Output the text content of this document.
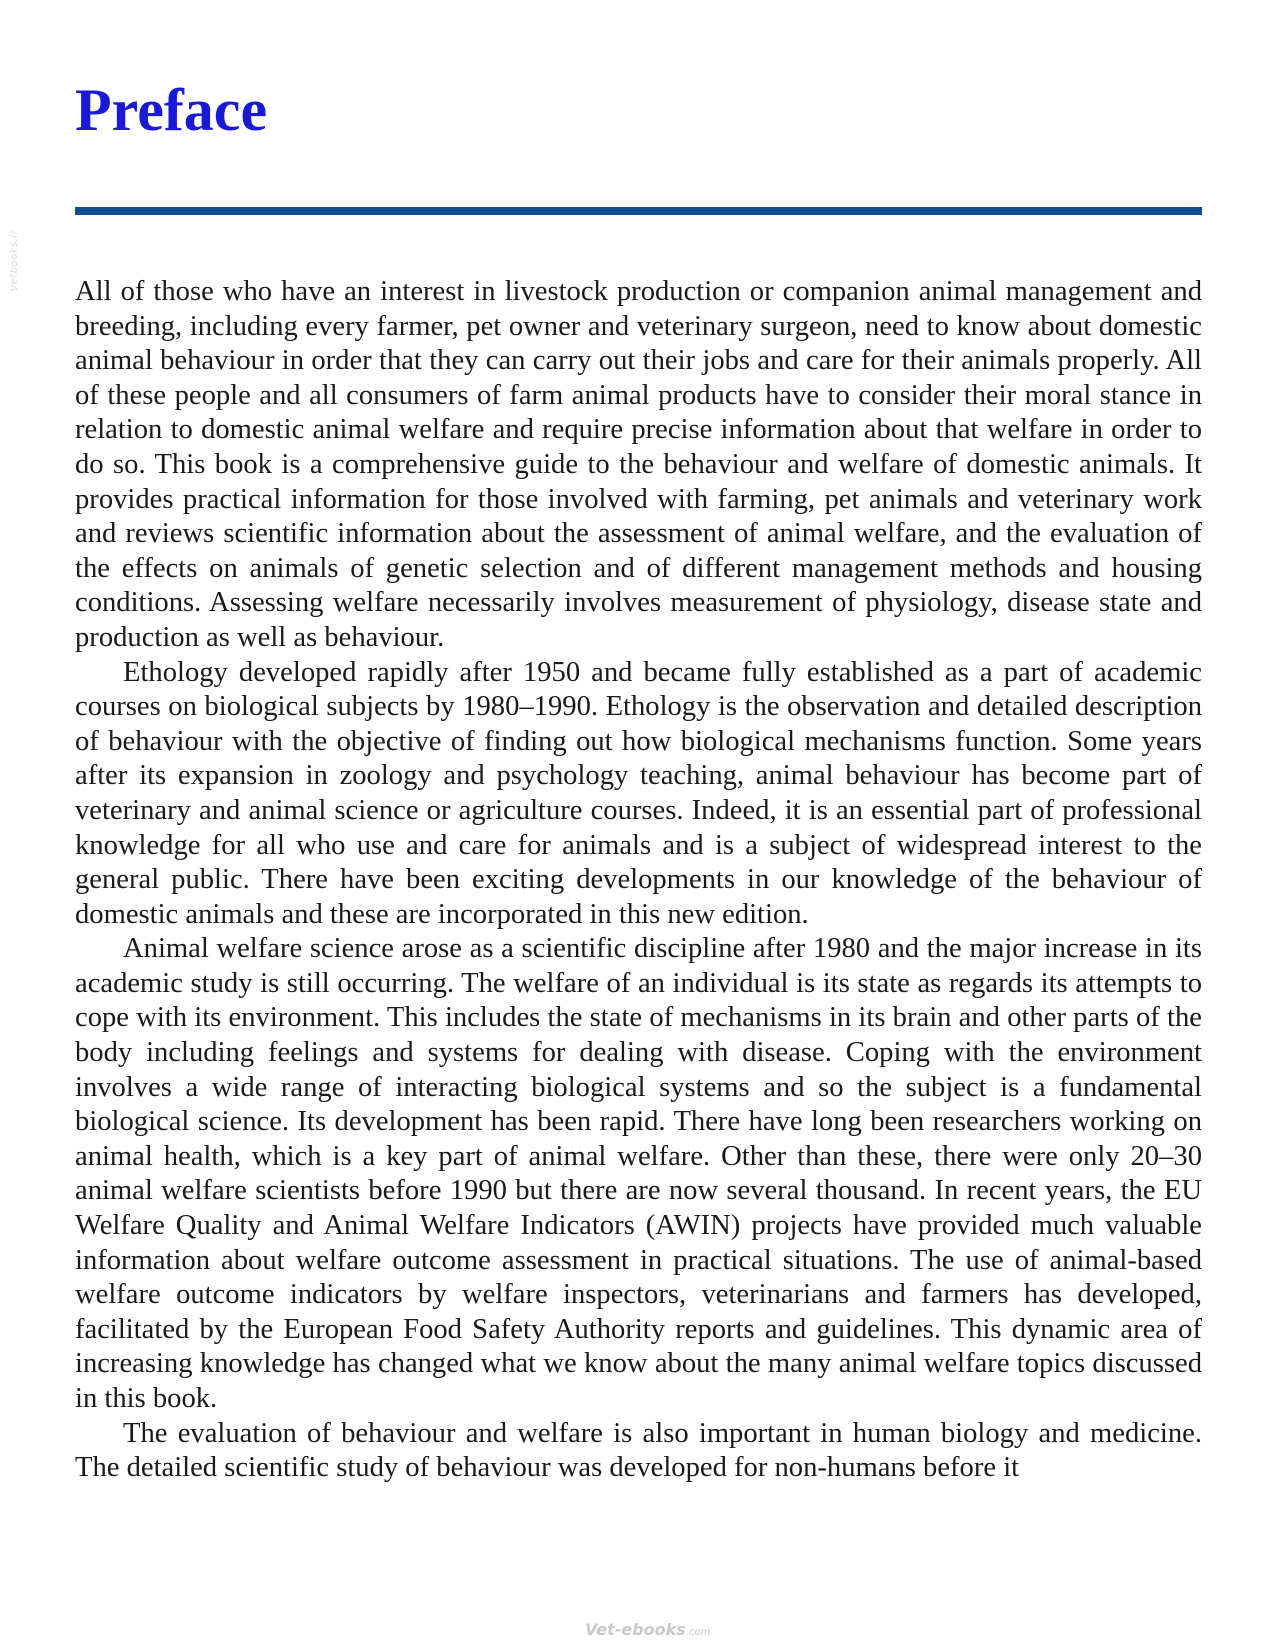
Vetbooks.ir
Preface

All of those who have an interest in livestock production or companion animal management and breeding, including every farmer, pet owner and veterinary surgeon, need to know about domestic animal behaviour in order that they can carry out their jobs and care for their animals properly. All of these people and all consumers of farm animal products have to consider their moral stance in relation to domestic animal welfare and require precise information about that welfare in order to do so. This book is a comprehensive guide to the behaviour and welfare of domestic animals. It provides practical information for those involved with farming, pet animals and veterinary work and reviews scientific information about the assessment of animal welfare, and the evaluation of the effects on animals of genetic selection and of different management methods and housing conditions. Assessing welfare necessarily involves measurement of physiology, disease state and production as well as behaviour.

Ethology developed rapidly after 1950 and became fully established as a part of academic courses on biological subjects by 1980–1990. Ethology is the observation and detailed description of behaviour with the objective of finding out how biological mechanisms function. Some years after its expansion in zoology and psychology teaching, animal behaviour has become part of veterinary and animal science or agriculture courses. Indeed, it is an essential part of professional knowledge for all who use and care for animals and is a subject of widespread interest to the general public. There have been exciting developments in our knowledge of the behaviour of domestic animals and these are incorporated in this new edition.

Animal welfare science arose as a scientific discipline after 1980 and the major increase in its academic study is still occurring. The welfare of an individual is its state as regards its attempts to cope with its environment. This includes the state of mechanisms in its brain and other parts of the body including feelings and systems for dealing with disease. Coping with the environment involves a wide range of interacting biological systems and so the subject is a fundamental biological science. Its development has been rapid. There have long been researchers working on animal health, which is a key part of animal welfare. Other than these, there were only 20–30 animal welfare scientists before 1990 but there are now several thousand. In recent years, the EU Welfare Quality and Animal Welfare Indicators (AWIN) projects have provided much valuable information about welfare outcome assessment in practical situations. The use of animal-based welfare outcome indicators by welfare inspectors, veterinarians and farmers has developed, facilitated by the European Food Safety Authority reports and guidelines. This dynamic area of increasing knowledge has changed what we know about the many animal welfare topics discussed in this book.

The evaluation of behaviour and welfare is also important in human biology and medicine. The detailed scientific study of behaviour was developed for non-humans before it

Vet-ebooks.com
